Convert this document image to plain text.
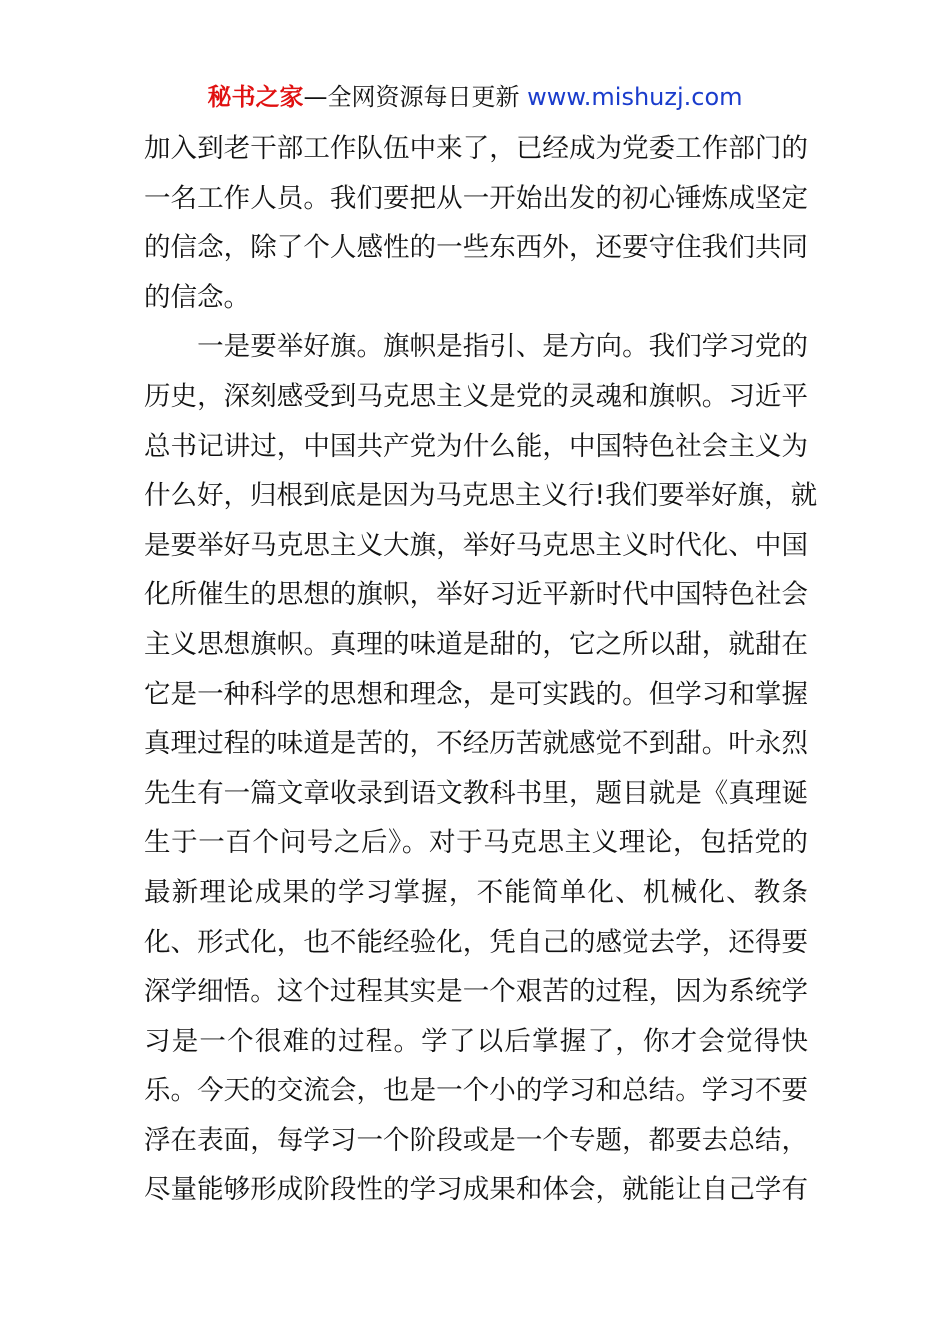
秘书之家—全网资源每日更新 www.mishuzj.com
加入到老干部工作队伍中来了，已经成为党委工作部门的
一名工作人员。我们要把从一开始出发的初心锤炼成坚定
的信念，除了个人感性的一些东西外，还要守住我们共同
的信念。
　　一是要举好旗。旗帜是指引、是方向。我们学习党的
历史，深刻感受到马克思主义是党的灵魂和旗帜。习近平
总书记讲过，中国共产党为什么能，中国特色社会主义为
什么好，归根到底是因为马克思主义行!我们要举好旗，就
是要举好马克思主义大旗，举好马克思主义时代化、中国
化所催生的思想的旗帜，举好习近平新时代中国特色社会
主义思想旗帜。真理的味道是甜的，它之所以甜，就甜在
它是一种科学的思想和理念，是可实践的。但学习和掌握
真理过程的味道是苦的，不经历苦就感觉不到甜。叶永烈
先生有一篇文章收录到语文教科书里，题目就是《真理诞
生于一百个问号之后》。对于马克思主义理论，包括党的
最新理论成果的学习掌握，不能简单化、机械化、教条
化、形式化，也不能经验化，凭自己的感觉去学，还得要
深学细悟。这个过程其实是一个艰苦的过程，因为系统学
习是一个很难的过程。学了以后掌握了，你才会觉得快
乐。今天的交流会，也是一个小的学习和总结。学习不要
浮在表面，每学习一个阶段或是一个专题，都要去总结，
尽量能够形成阶段性的学习成果和体会，就能让自己学有
